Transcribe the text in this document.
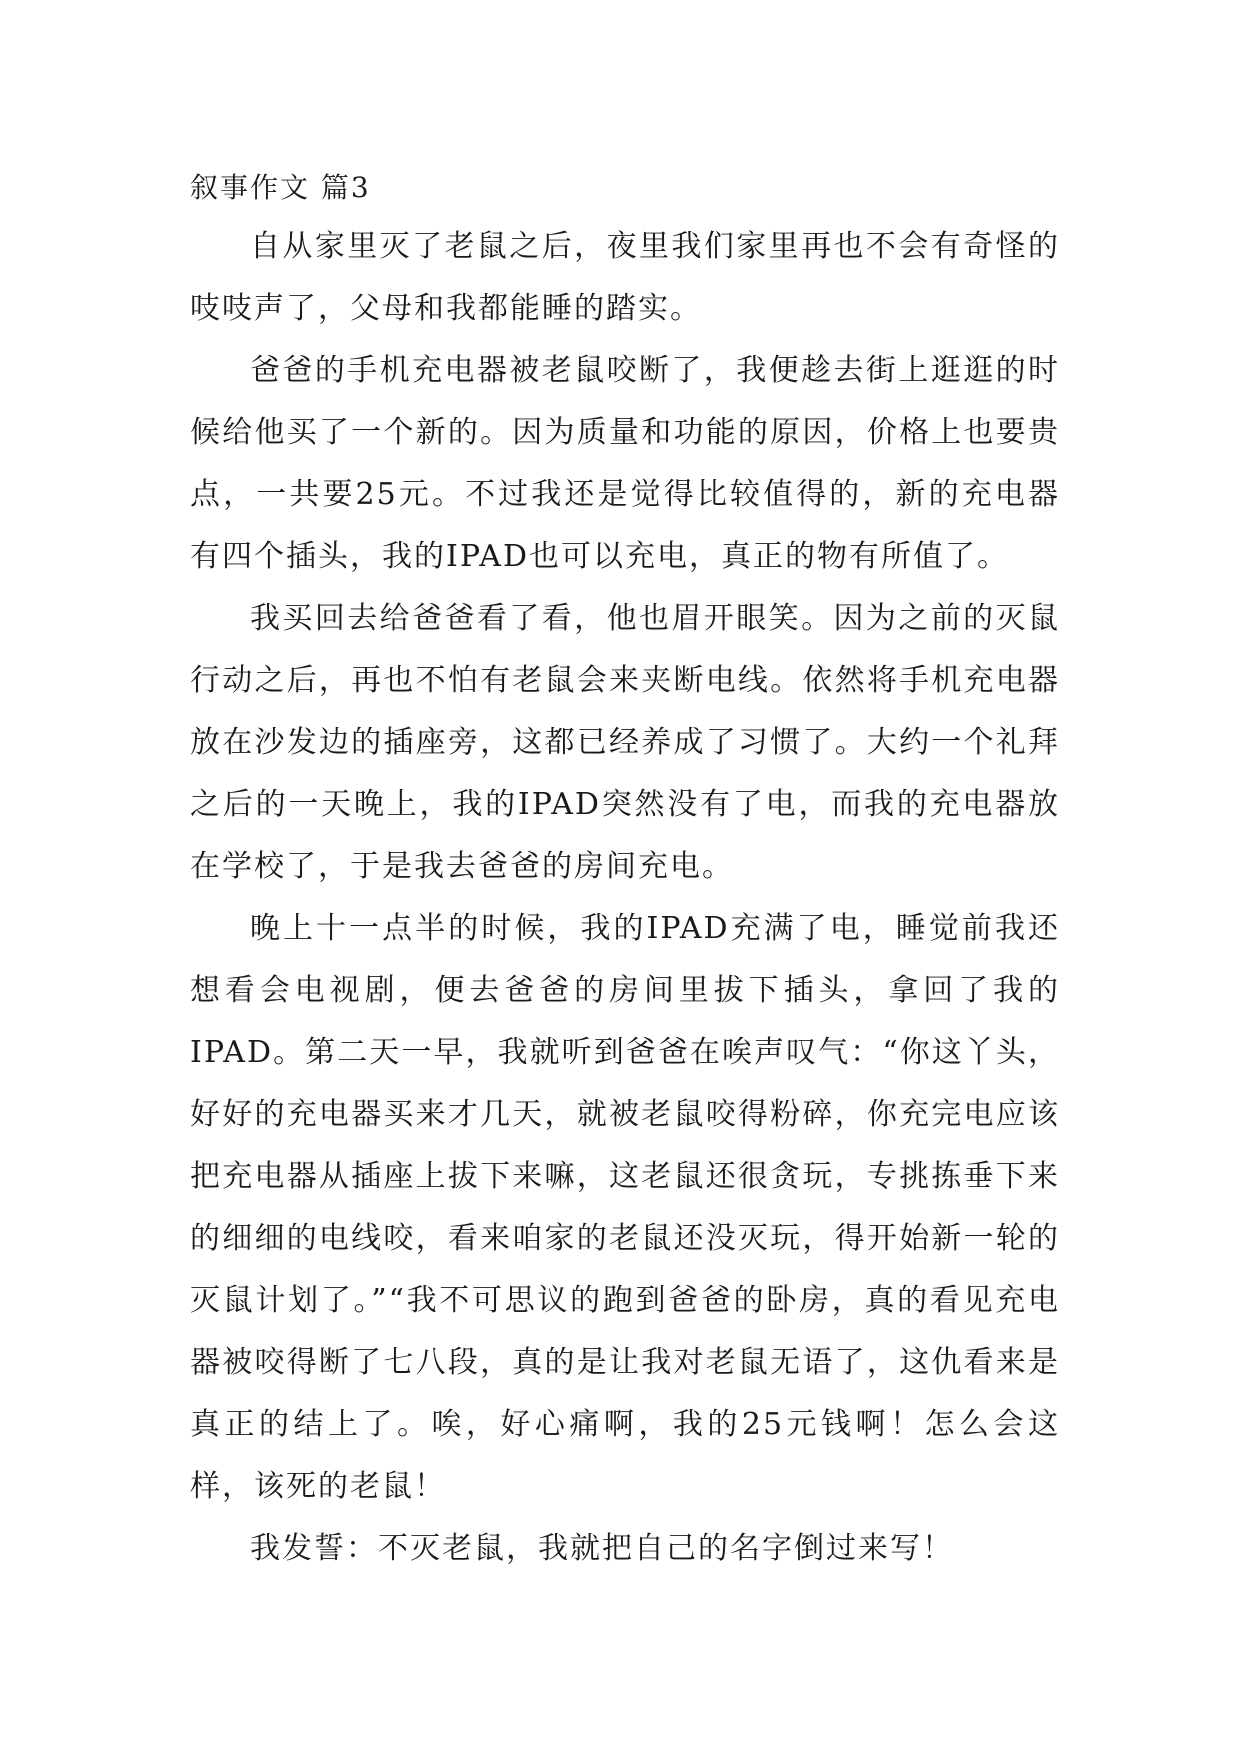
叙事作文 篇3

自从家里灭了老鼠之后，夜里我们家里再也不会有奇怪的吱吱声了，父母和我都能睡的踏实。

爸爸的手机充电器被老鼠咬断了，我便趁去街上逛逛的时候给他买了一个新的。因为质量和功能的原因，价格上也要贵点，一共要25元。不过我还是觉得比较值得的，新的充电器有四个插头，我的IPAD也可以充电，真正的物有所值了。

我买回去给爸爸看了看，他也眉开眼笑。因为之前的灭鼠行动之后，再也不怕有老鼠会来夹断电线。依然将手机充电器放在沙发边的插座旁，这都已经养成了习惯了。大约一个礼拜之后的一天晚上，我的IPAD突然没有了电，而我的充电器放在学校了，于是我去爸爸的房间充电。

晚上十一点半的时候，我的IPAD充满了电，睡觉前我还想看会电视剧，便去爸爸的房间里拔下插头，拿回了我的IPAD。第二天一早，我就听到爸爸在唉声叹气：“你这丫头，好好的充电器买来才几天，就被老鼠咬得粉碎，你充完电应该把充电器从插座上拔下来嘛，这老鼠还很贪玩，专挑拣垂下来的细细的电线咬，看来咱家的老鼠还没灭玩，得开始新一轮的灭鼠计划了。”“我不可思议的跑到爸爸的卧房，真的看见充电器被咬得断了七八段，真的是让我对老鼠无语了，这仇看来是真正的结上了。唉，好心痛啊，我的25元钱啊！怎么会这样，该死的老鼠！

我发誓：不灭老鼠，我就把自己的名字倒过来写！
